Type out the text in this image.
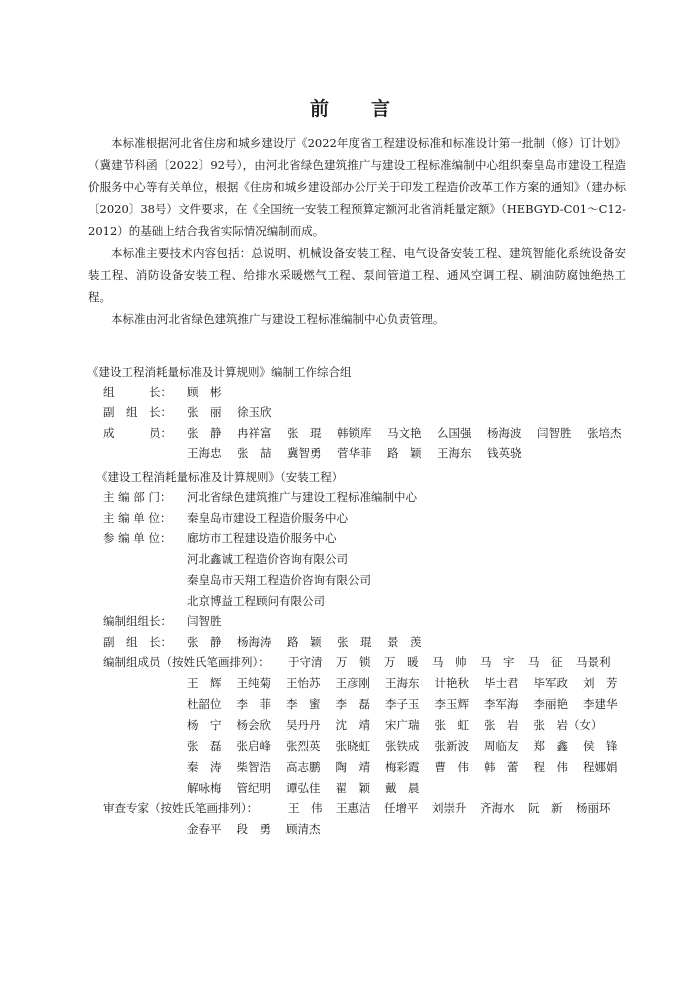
前 言

本标准根据河北省住房和城乡建设厅《2022年度省工程建设标准和标准设计第一批制（修）订计划》（冀建节科函〔2022〕92号），由河北省绿色建筑推广与建设工程标准编制中心组织秦皇岛市建设工程造价服务中心等有关单位，根据《住房和城乡建设部办公厅关于印发工程造价改革工作方案的通知》（建办标〔2020〕38号）文件要求，在《全国统一安装工程预算定额河北省消耗量定额》（HEBGYD-C01～C12-2012）的基础上结合我省实际情况编制而成。

本标准主要技术内容包括：总说明、机械设备安装工程、电气设备安装工程、建筑智能化系统设备安装工程、消防设备安装工程、给排水采暖燃气工程、泵间管道工程、通风空调工程、刷油防腐蚀绝热工程。

本标准由河北省绿色建筑推广与建设工程标准编制中心负责管理。

《建设工程消耗量标准及计算规则》编制工作综合组
组　　　长： 顾　彬
副　组　长： 张　丽 徐玉欣
成　　　员： 张　静 冉祥富 张　琨 韩锁库 马文艳 么国强 杨海波 闫智胜 张培杰
王海忠 张　喆 冀智勇 菅华菲 路　颖 王海东 钱英骁
《建设工程消耗量标准及计算规则》（安装工程）
主 编 部 门： 河北省绿色建筑推广与建设工程标准编制中心
主 编 单 位： 秦皇岛市建设工程造价服务中心
参 编 单 位： 廊坊市工程建设造价服务中心
河北鑫诚工程造价咨询有限公司
秦皇岛市天翔工程造价咨询有限公司
北京博益工程顾问有限公司
编制组组长： 闫智胜
副　组　长： 张　静 杨海涛 路　颖 张　琨 景　羡
编制组成员（按姓氏笔画排列）： 于守清 万　锁 万　暖 马　帅 马　宇 马　征 马景利
王　辉 王纯菊 王怡苏 王彦刚 王海东 计艳秋 毕士君 毕军政 刘　芳
杜韶位 李　菲 李　蜜 李　磊 李子玉 李玉辉 李军海 李丽艳 李建华
杨　宁 杨会欣 吴丹丹 沈　靖 宋广瑞 张　虹 张　岩 张　岩（女）
张　磊 张启峰 张烈英 张晓虹 张铁成 张新波 周临友 郑　鑫 侯　锋
秦　涛 柴智浩 高志鹏 陶　靖 梅彩霞 曹　伟 韩　蕾 程　伟 程娜娟
解咏梅 管纪明 谭弘佳 翟　颖 戴　晨
审查专家（按姓氏笔画排列）：	王　伟 王惠洁 任增平 刘崇升 齐海水 阮　新 杨丽环
金春平 段　勇 顾清杰
